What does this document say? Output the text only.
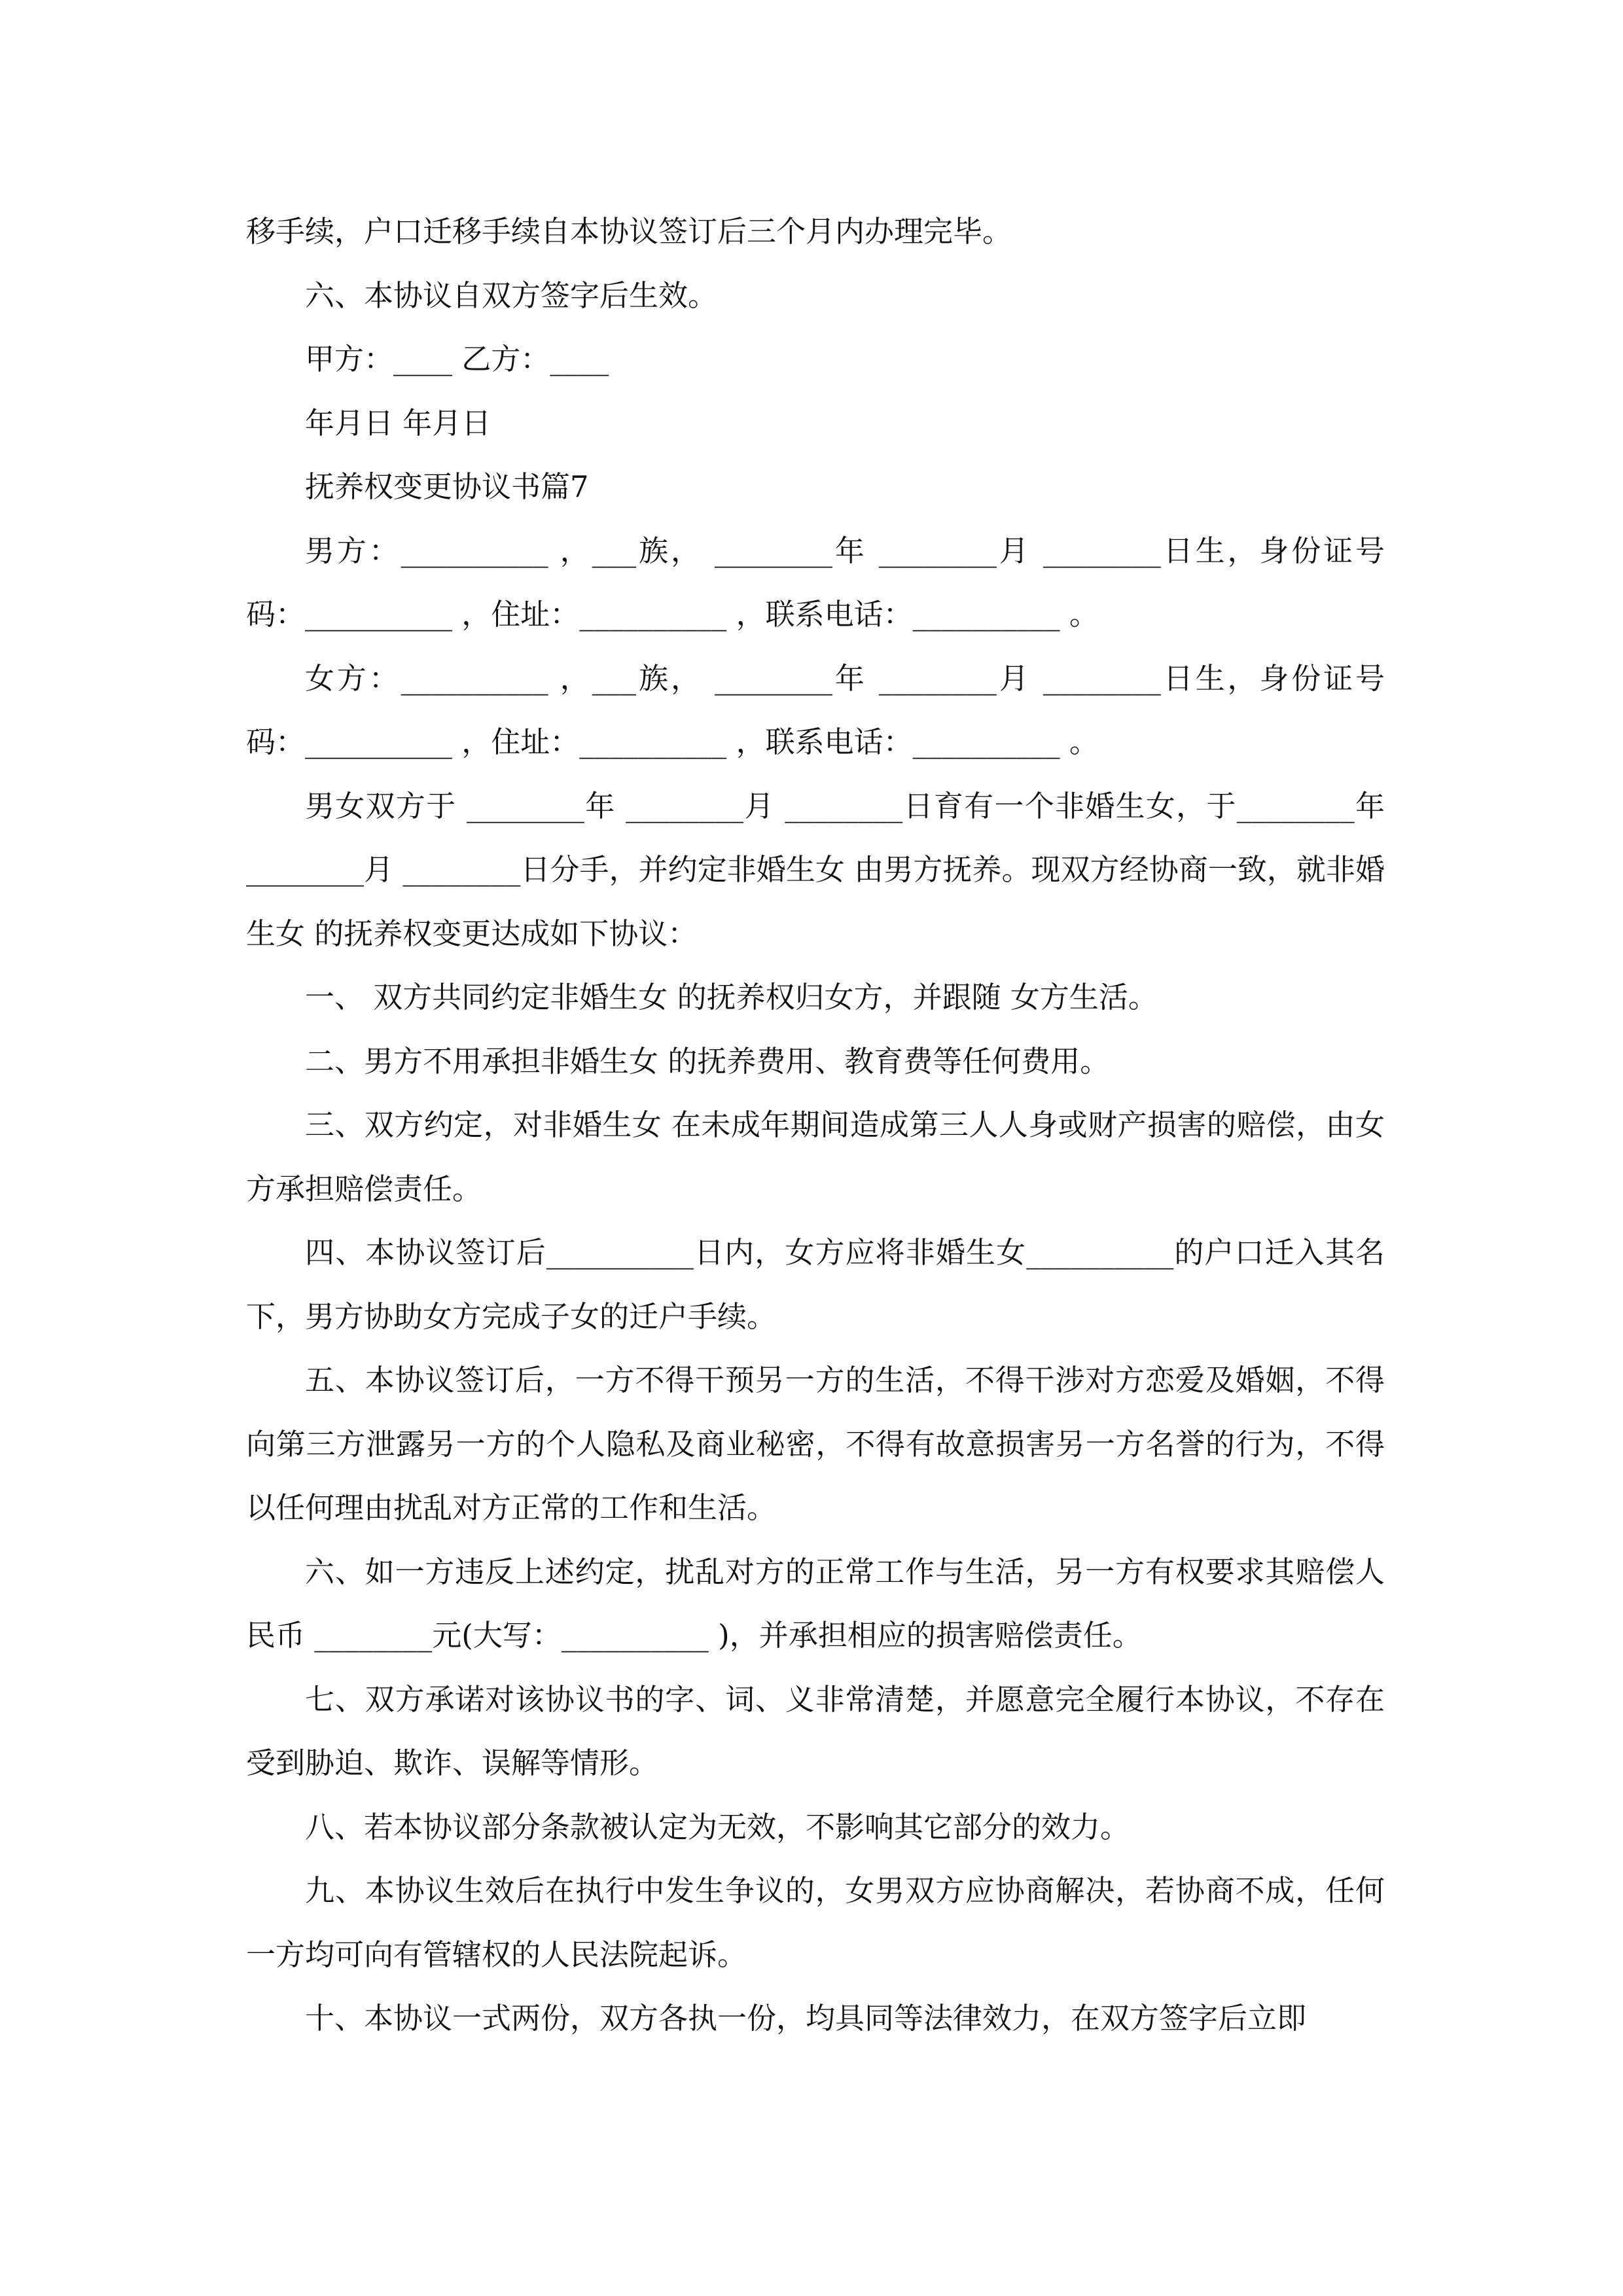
移手续，户口迁移手续自本协议签订后三个月内办理完毕。

六、本协议自双方签字后生效。

甲方：____ 乙方：____

年月日 年月日

抚养权变更协议书篇7

男方：__________ ，___族， ________年 ________月 ________日生，身份证号码：__________ ，住址：__________ ，联系电话：__________ 。

女方：__________ ，___族， ________年 ________月 ________日生，身份证号码：__________ ，住址：__________ ，联系电话：__________ 。

男女双方于 ________年 ________月 ________日育有一个非婚生女，于________年 ________月 ________日分手，并约定非婚生女 由男方抚养。现双方经协商一致，就非婚生女 的抚养权变更达成如下协议：

一、 双方共同约定非婚生女 的抚养权归女方，并跟随 女方生活。

二、男方不用承担非婚生女 的抚养费用、教育费等任何费用。

三、双方约定，对非婚生女 在未成年期间造成第三人人身或财产损害的赔偿，由女方承担赔偿责任。

四、本协议签订后__________日内，女方应将非婚生女__________的户口迁入其名下，男方协助女方完成子女的迁户手续。

五、本协议签订后，一方不得干预另一方的生活，不得干涉对方恋爱及婚姻，不得向第三方泄露另一方的个人隐私及商业秘密，不得有故意损害另一方名誉的行为，不得以任何理由扰乱对方正常的工作和生活。

六、如一方违反上述约定，扰乱对方的正常工作与生活，另一方有权要求其赔偿人民币 ________元(大写：__________ )，并承担相应的损害赔偿责任。

七、双方承诺对该协议书的字、词、义非常清楚，并愿意完全履行本协议，不存在受到胁迫、欺诈、误解等情形。

八、若本协议部分条款被认定为无效，不影响其它部分的效力。

九、本协议生效后在执行中发生争议的，女男双方应协商解决，若协商不成，任何一方均可向有管辖权的人民法院起诉。

十、本协议一式两份，双方各执一份，均具同等法律效力，在双方签字后立即
